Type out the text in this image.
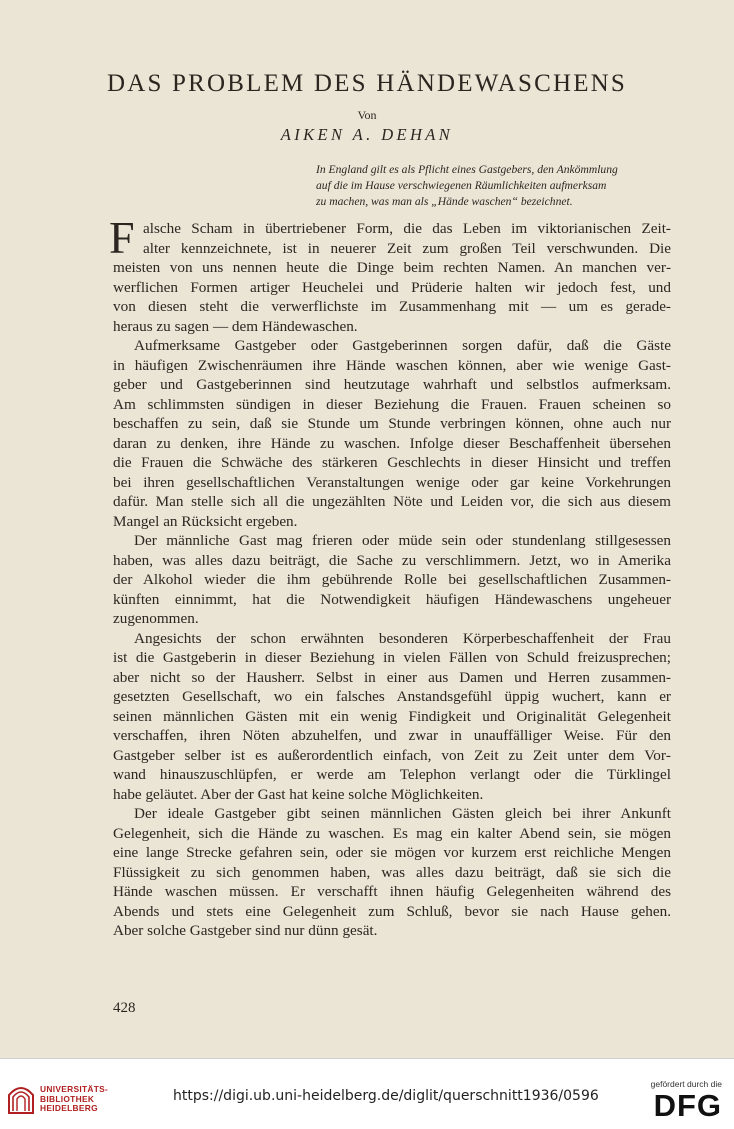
DAS PROBLEM DES HÄNDEWASCHENS
Von
AIKEN A. DEHAN
In England gilt es als Pflicht eines Gastgebers, den Ankömmlung
auf die im Hause verschwiegenen Räumlichkeiten aufmerksam
zu machen, was man als „Hände waschen“ bezeichnet.
F alsche Scham in übertriebener Form, die das Leben im viktorianischen Zeit‑
alter kennzeichnete, ist in neuerer Zeit zum großen Teil verschwunden. Die
meisten von uns nennen heute die Dinge beim rechten Namen. An manchen ver‑
werflichen Formen artiger Heuchelei und Prüderie halten wir jedoch fest, und
von diesen steht die verwerflichste im Zusammenhang mit — um es gerade‑
heraus zu sagen — dem Händewaschen.
Aufmerksame Gastgeber oder Gastgeberinnen sorgen dafür, daß die Gäste
in häufigen Zwischenräumen ihre Hände waschen können, aber wie wenige Gast‑
geber und Gastgeberinnen sind heutzutage wahrhaft und selbstlos aufmerksam.
Am schlimmsten sündigen in dieser Beziehung die Frauen. Frauen scheinen so
beschaffen zu sein, daß sie Stunde um Stunde verbringen können, ohne auch nur
daran zu denken, ihre Hände zu waschen. Infolge dieser Beschaffenheit übersehen
die Frauen die Schwäche des stärkeren Geschlechts in dieser Hinsicht und treffen
bei ihren gesellschaftlichen Veranstaltungen wenige oder gar keine Vorkehrungen
dafür. Man stelle sich all die ungezählten Nöte und Leiden vor, die sich aus diesem
Mangel an Rücksicht ergeben.
Der männliche Gast mag frieren oder müde sein oder stundenlang stillgesessen
haben, was alles dazu beiträgt, die Sache zu verschlimmern. Jetzt, wo in Amerika
der Alkohol wieder die ihm gebührende Rolle bei gesellschaftlichen Zusammen‑
künften einnimmt, hat die Notwendigkeit häufigen Händewaschens ungeheuer
zugenommen.
Angesichts der schon erwähnten besonderen Körperbeschaffenheit der Frau
ist die Gastgeberin in dieser Beziehung in vielen Fällen von Schuld freizusprechen;
aber nicht so der Hausherr. Selbst in einer aus Damen und Herren zusammen‑
gesetzten Gesellschaft, wo ein falsches Anstandsgefühl üppig wuchert, kann er
seinen männlichen Gästen mit ein wenig Findigkeit und Originalität Gelegenheit
verschaffen, ihren Nöten abzuhelfen, und zwar in unauffälliger Weise. Für den
Gastgeber selber ist es außerordentlich einfach, von Zeit zu Zeit unter dem Vor‑
wand hinauszuschlüpfen, er werde am Telephon verlangt oder die Türklingel
habe geläutet. Aber der Gast hat keine solche Möglichkeiten.
Der ideale Gastgeber gibt seinen männlichen Gästen gleich bei ihrer Ankunft
Gelegenheit, sich die Hände zu waschen. Es mag ein kalter Abend sein, sie mögen
eine lange Strecke gefahren sein, oder sie mögen vor kurzem erst reichliche Mengen
Flüssigkeit zu sich genommen haben, was alles dazu beiträgt, daß sie sich die
Hände waschen müssen. Er verschafft ihnen häufig Gelegenheiten während des
Abends und stets eine Gelegenheit zum Schluß, bevor sie nach Hause gehen.
Aber solche Gastgeber sind nur dünn gesät.
428
UNIVERSITÄTS-
BIBLIOTHEK
HEIDELBERG
https://digi.ub.uni-heidelberg.de/diglit/querschnitt1936/0596
gefördert durch die
DFG
